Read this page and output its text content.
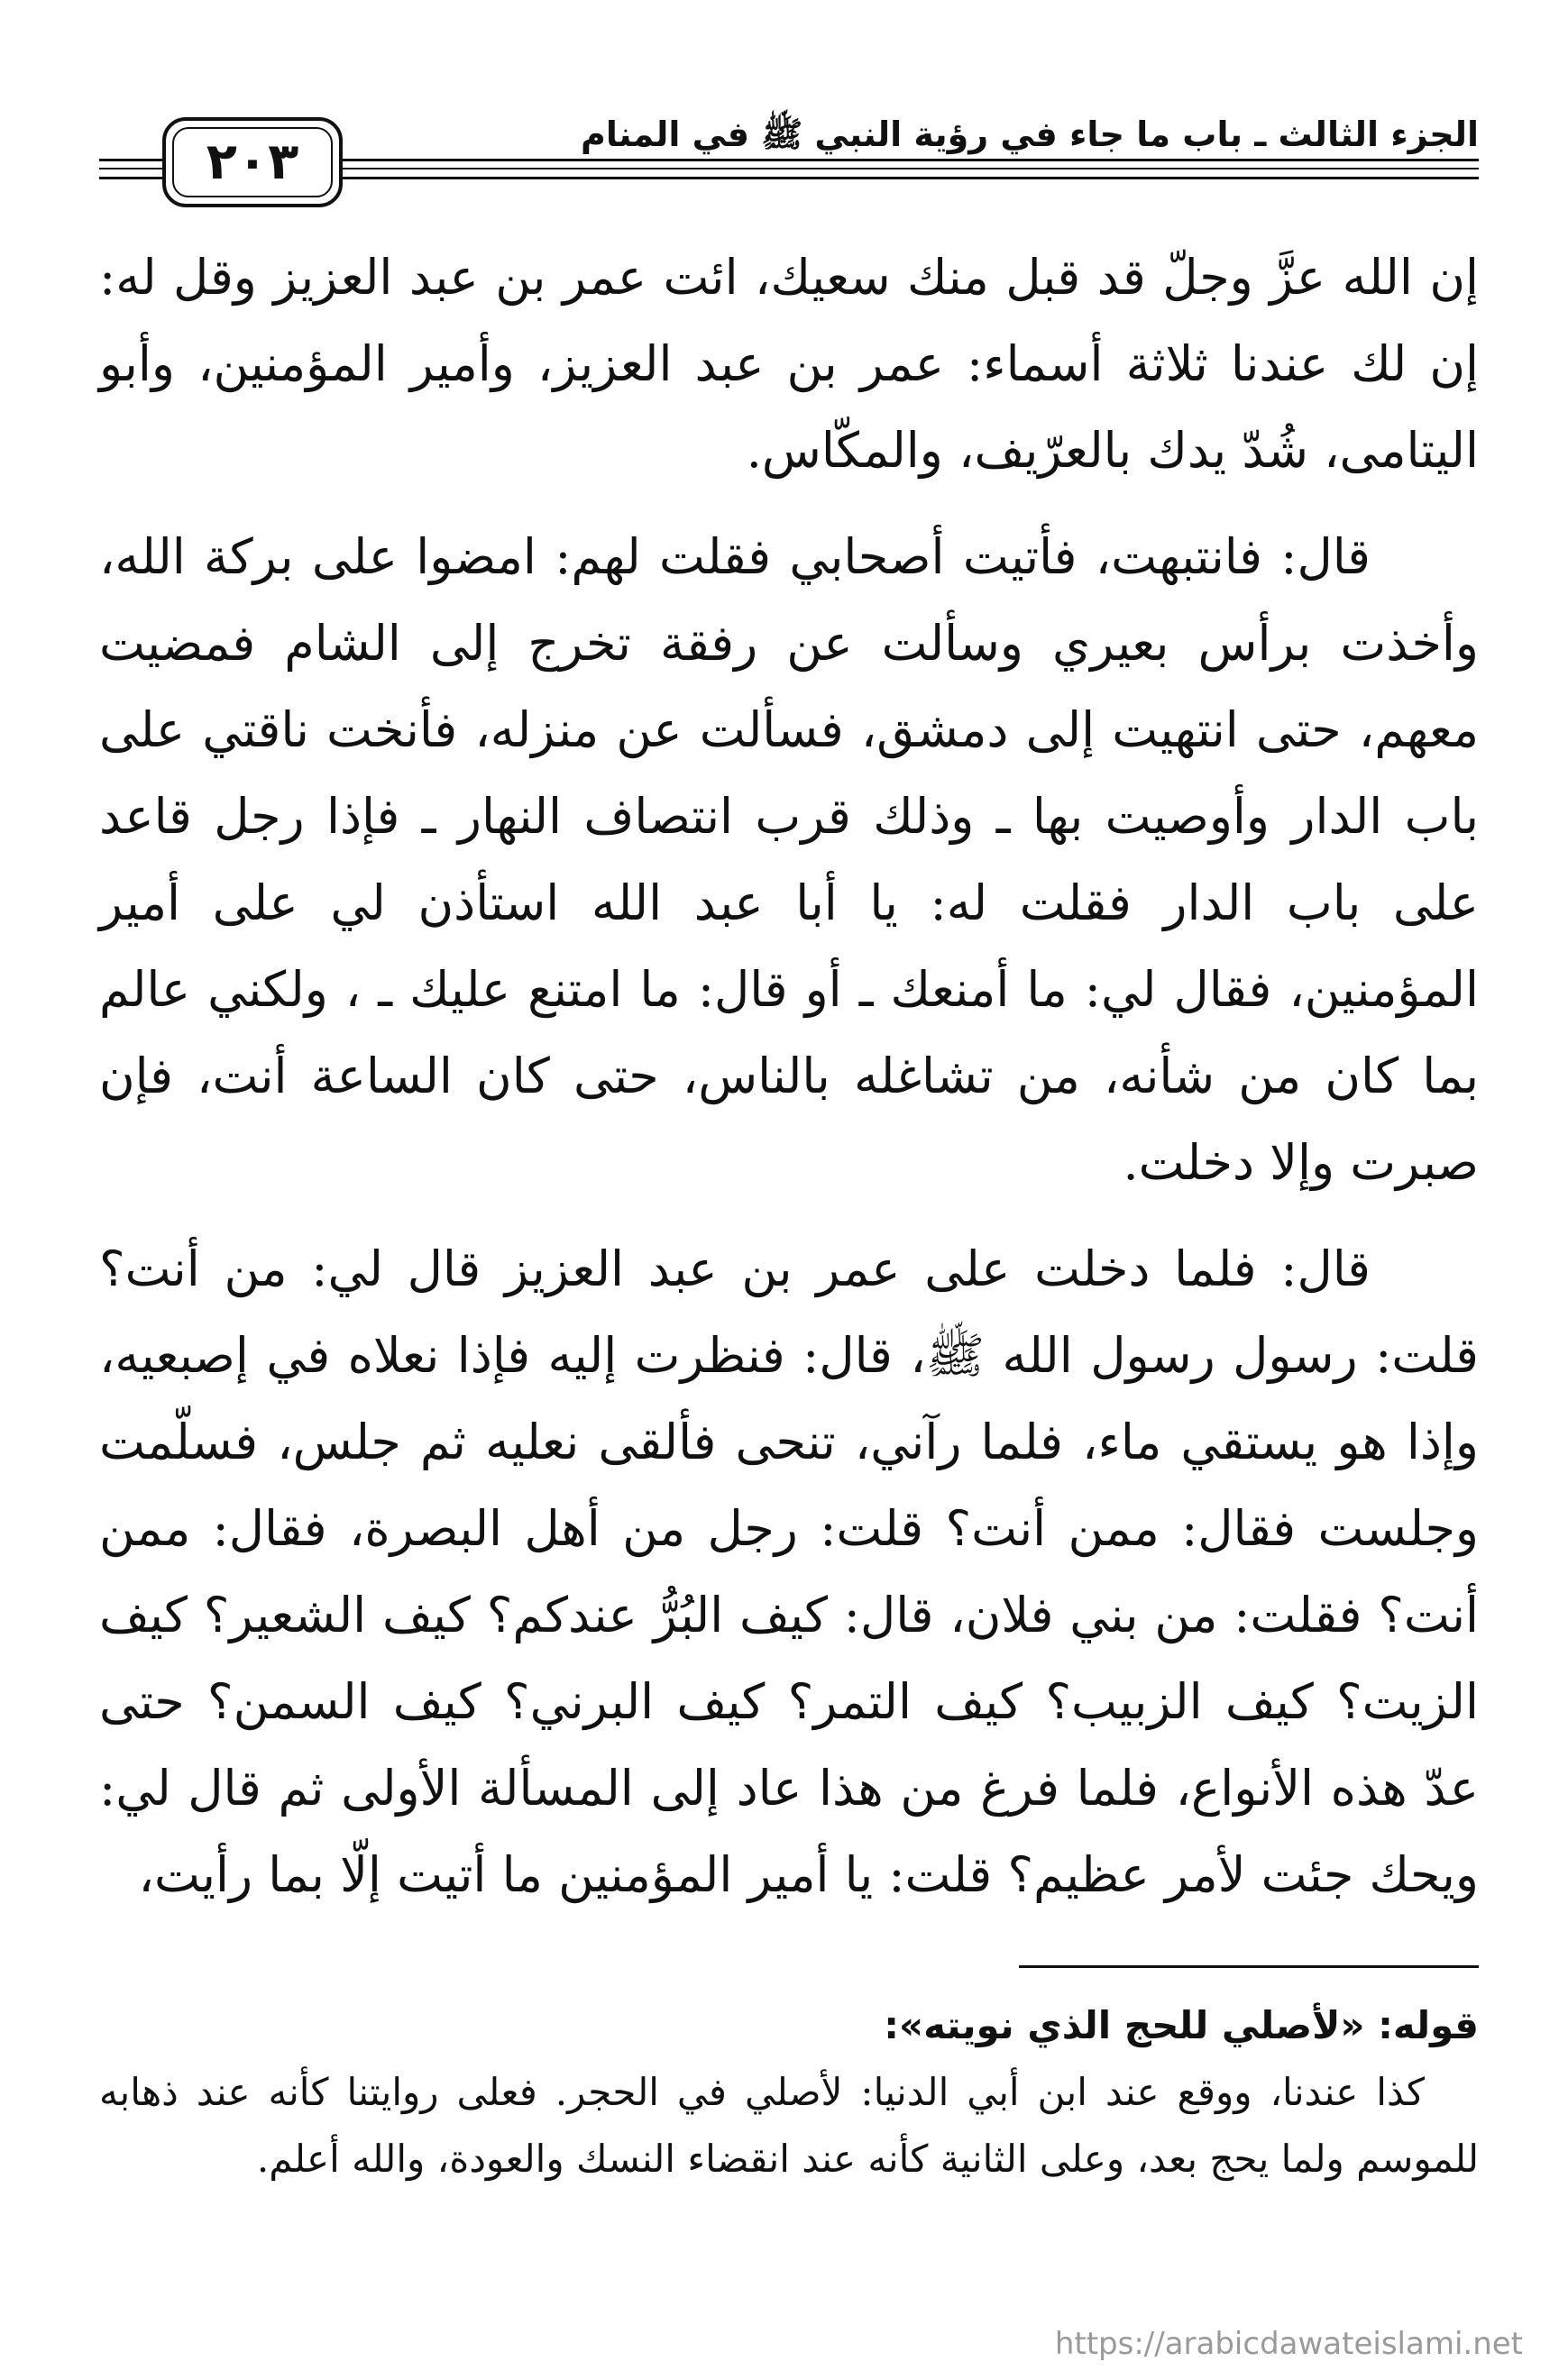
٢٠٣	الجزء الثالث ـ باب ما جاء في رؤية النبي ﷺ في المنام

إن الله عزَّ وجلّ قد قبل منك سعيك، ائت عمر بن عبد العزيز وقل له: إن لك عندنا ثلاثة أسماء: عمر بن عبد العزيز، وأمير المؤمنين، وأبو اليتامى، شُدّ يدك بالعرّيف، والمكّاس.

قال: فانتبهت، فأتيت أصحابي فقلت لهم: امضوا على بركة الله، وأخذت برأس بعيري وسألت عن رفقة تخرج إلى الشام فمضيت معهم، حتى انتهيت إلى دمشق، فسألت عن منزله، فأنخت ناقتي على باب الدار وأوصيت بها ـ وذلك قرب انتصاف النهار ـ فإذا رجل قاعد على باب الدار فقلت له: يا أبا عبد الله استأذن لي على أمير المؤمنين، فقال لي: ما أمنعك ـ أو قال: ما امتنع عليك ـ ، ولكني عالم بما كان من شأنه، من تشاغله بالناس، حتى كان الساعة أنت، فإن صبرت وإلا دخلت.

قال: فلما دخلت على عمر بن عبد العزيز قال لي: من أنت؟ قلت: رسول رسول الله ﷺ، قال: فنظرت إليه فإذا نعلاه في إصبعيه، وإذا هو يستقي ماء، فلما رآني، تنحى فألقى نعليه ثم جلس، فسلّمت وجلست فقال: ممن أنت؟ قلت: رجل من أهل البصرة، فقال: ممن أنت؟ فقلت: من بني فلان، قال: كيف البُرُّ عندكم؟ كيف الشعير؟ كيف الزيت؟ كيف الزبيب؟ كيف التمر؟ كيف البرني؟ كيف السمن؟ حتى عدّ هذه الأنواع، فلما فرغ من هذا عاد إلى المسألة الأولى ثم قال لي: ويحك جئت لأمر عظيم؟ قلت: يا أمير المؤمنين ما أتيت إلّا بما رأيت،

قوله: «لأصلي للحج الذي نويته»:

كذا عندنا، ووقع عند ابن أبي الدنيا: لأصلي في الحجر. فعلى روايتنا كأنه عند ذهابه للموسم ولما يحج بعد، وعلى الثانية كأنه عند انقضاء النسك والعودة، والله أعلم.

https://arabicdawateislami.net
